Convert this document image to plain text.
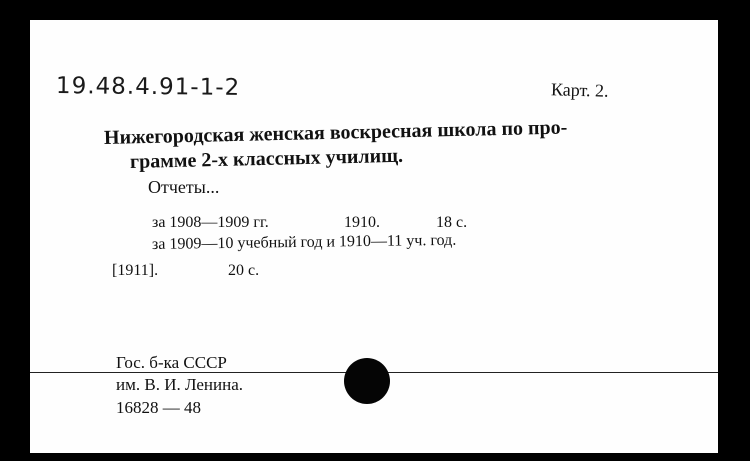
19.48.4.91-1-2	Карт. 2.
Нижегородская женская воскресная школа по про-
грамме 2-х классных училищ.
Отчеты...
за 1908—1909 гг.	1910.	18 с.
за 1909—10 учебный год и 1910—11 уч. год.
[1911].	20 с.
Гос. б-ка СССР
им. В. И. Ленина.
16828 — 48
